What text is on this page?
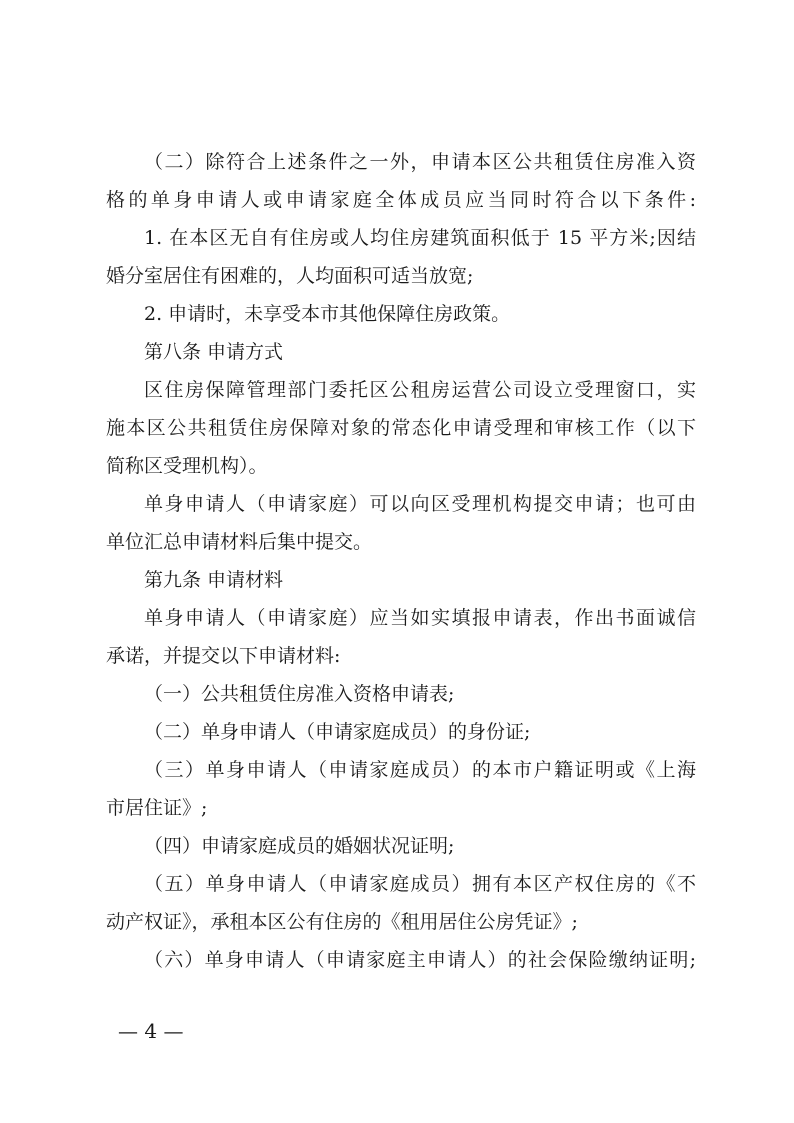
（二）除符合上述条件之一外，申请本区公共租赁住房准入资
格的单身申请人或申请家庭全体成员应当同时符合以下条件:
1. 在本区无自有住房或人均住房建筑面积低于 15 平方米;因结
婚分室居住有困难的，人均面积可适当放宽;
2. 申请时，未享受本市其他保障住房政策。
第八条 申请方式
区住房保障管理部门委托区公租房运营公司设立受理窗口，实
施本区公共租赁住房保障对象的常态化申请受理和审核工作（以下
简称区受理机构）。
单身申请人（申请家庭）可以向区受理机构提交申请；也可由
单位汇总申请材料后集中提交。
第九条 申请材料
单身申请人（申请家庭）应当如实填报申请表，作出书面诚信
承诺，并提交以下申请材料:
（一）公共租赁住房准入资格申请表;
（二）单身申请人（申请家庭成员）的身份证;
（三）单身申请人（申请家庭成员）的本市户籍证明或《上海
市居住证》;
（四）申请家庭成员的婚姻状况证明;
（五）单身申请人（申请家庭成员）拥有本区产权住房的《不
动产权证》，承租本区公有住房的《租用居住公房凭证》;
（六）单身申请人（申请家庭主申请人）的社会保险缴纳证明;
— 4 —
